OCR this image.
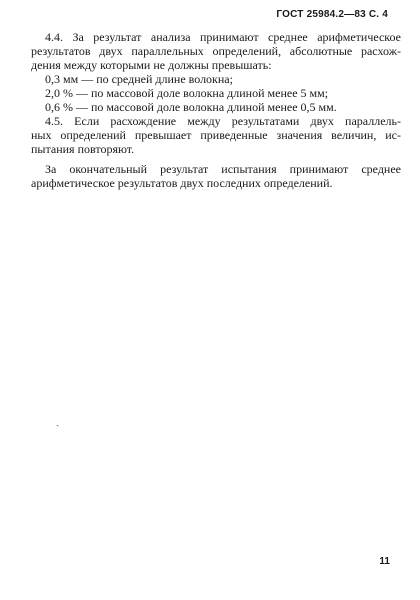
ГОСТ 25984.2—83 С. 4

4.4. За результат анализа принимают среднее арифметическое

результатов двух параллельных определений, абсолютные расхож-

дения между которыми не должны превышать:

0,3 мм — по средней длине волокна;

2,0 % — по массовой доле волокна длиной менее 5 мм;

0,6 % — по массовой доле волокна длиной менее 0,5 мм.

4.5. Если расхождение между результатами двух параллель-

ных определений превышает приведенные значения величин, ис-

пытания повторяют.

За окончательный результат испытания принимают среднее

арифметическое результатов двух последних определений.

ˎ
11
